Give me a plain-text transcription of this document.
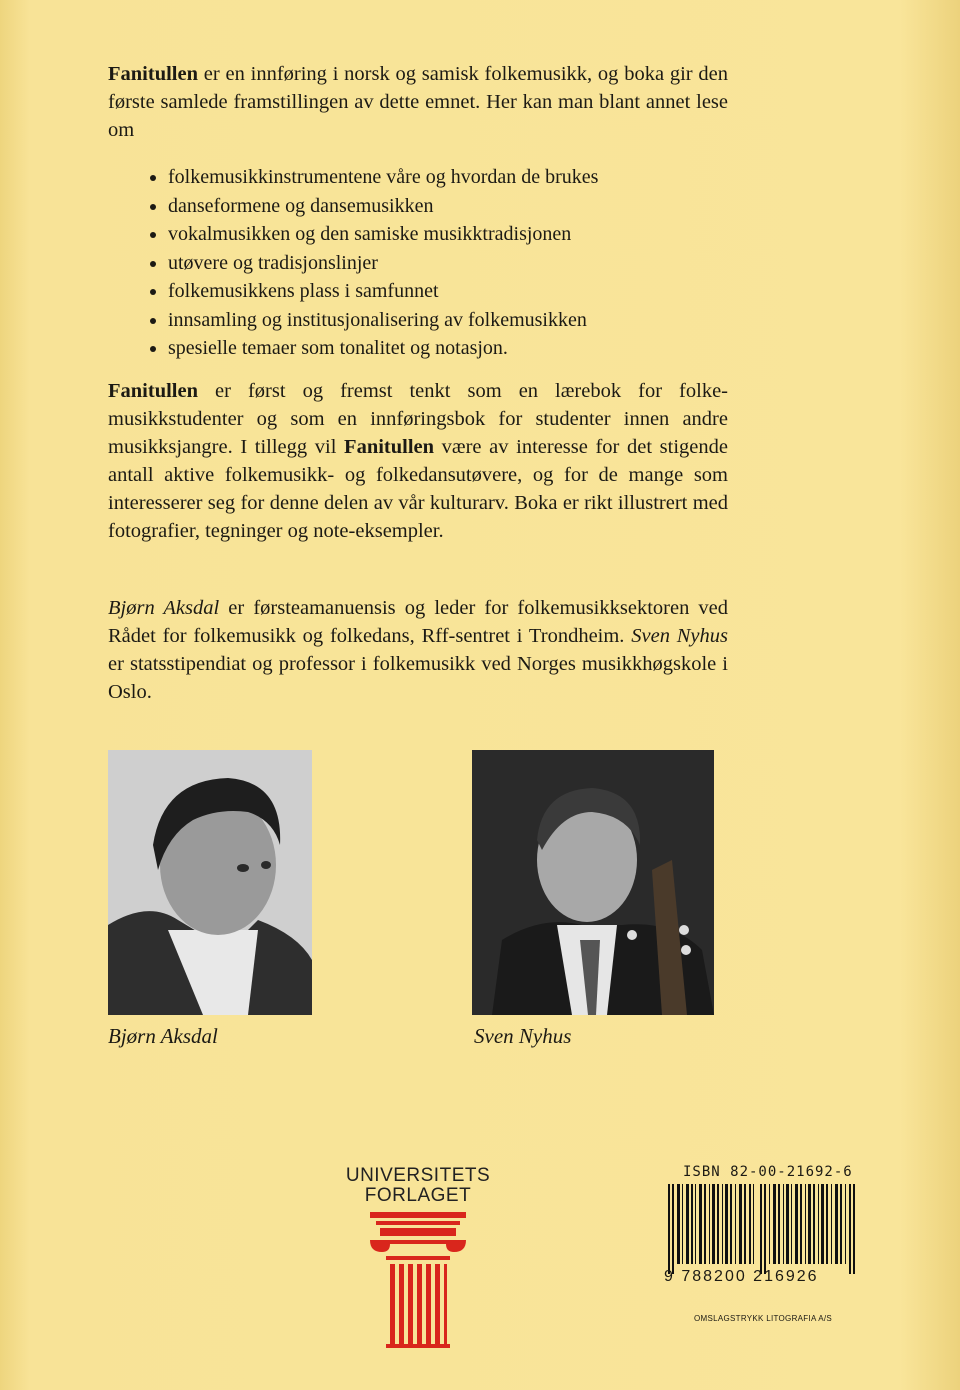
Fanitullen er en innføring i norsk og samisk folkemusikk, og boka gir den første samlede framstillingen av dette emnet. Her kan man blant annet lese om
folkemusikkinstrumentene våre og hvordan de brukes
danseformene og dansemusikken
vokalmusikken og den samiske musikktradisjonen
utøvere og tradisjonslinjer
folkemusikkens plass i samfunnet
innsamling og institusjonalisering av folkemusikken
spesielle temaer som tonalitet og notasjon.
Fanitullen er først og fremst tenkt som en lærebok for folke-musikkstudenter og som en innføringsbok for studenter innen andre musikksjangre. I tillegg vil Fanitullen være av interesse for det stigende antall aktive folkemusikk- og folkedansutøvere, og for de mange som interesserer seg for denne delen av vår kulturarv. Boka er rikt illustrert med fotografier, tegninger og note-eksempler.
Bjørn Aksdal er førsteamanuensis og leder for folkemusikksektoren ved Rådet for folkemusikk og folkedans, Rff-sentret i Trondheim. Sven Nyhus er statsstipendiat og professor i folkemusikk ved Norges musikkhøgskole i Oslo.
Bjørn Aksdal	Sven Nyhus
UNIVERSITETS
FORLAGET
ISBN 82-00-21692-6
9 788200 216926
OMSLAGSTRYKK LITOGRAFIA A/S
